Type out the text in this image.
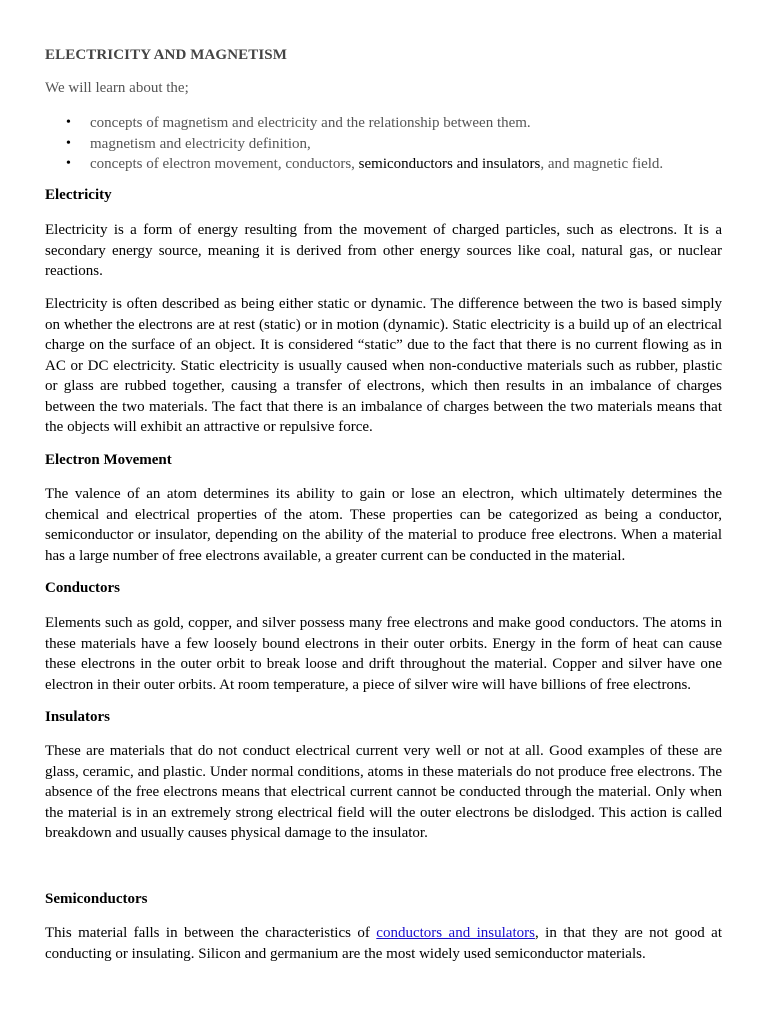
ELECTRICITY AND MAGNETISM
We will learn about the;
• concepts of magnetism and electricity and the relationship between them.
• magnetism and electricity definition,
• concepts of electron movement, conductors, semiconductors and insulators, and magnetic field.
Electricity

Electricity is a form of energy resulting from the movement of charged particles, such as electrons. It is a secondary energy source, meaning it is derived from other energy sources like coal, natural gas, or nuclear reactions.

Electricity is often described as being either static or dynamic. The difference between the two is based simply on whether the electrons are at rest (static) or in motion (dynamic). Static electricity is a build up of an electrical charge on the surface of an object. It is considered “static” due to the fact that there is no current flowing as in AC or DC electricity. Static electricity is usually caused when non-conductive materials such as rubber, plastic or glass are rubbed together, causing a transfer of electrons, which then results in an imbalance of charges between the two materials. The fact that there is an imbalance of charges between the two materials means that the objects will exhibit an attractive or repulsive force.

Electron Movement

The valence of an atom determines its ability to gain or lose an electron, which ultimately determines the chemical and electrical properties of the atom. These properties can be categorized as being a conductor, semiconductor or insulator, depending on the ability of the material to produce free electrons. When a material has a large number of free electrons available, a greater current can be conducted in the material.

Conductors

Elements such as gold, copper, and silver possess many free electrons and make good conductors. The atoms in these materials have a few loosely bound electrons in their outer orbits. Energy in the form of heat can cause these electrons in the outer orbit to break loose and drift throughout the material. Copper and silver have one electron in their outer orbits. At room temperature, a piece of silver wire will have billions of free electrons.

Insulators

These are materials that do not conduct electrical current very well or not at all. Good examples of these are glass, ceramic, and plastic. Under normal conditions, atoms in these materials do not produce free electrons. The absence of the free electrons means that electrical current cannot be conducted through the material. Only when the material is in an extremely strong electrical field will the outer electrons be dislodged. This action is called breakdown and usually causes physical damage to the insulator.

Semiconductors

This material falls in between the characteristics of conductors and insulators, in that they are not good at conducting or insulating. Silicon and germanium are the most widely used semiconductor materials.
